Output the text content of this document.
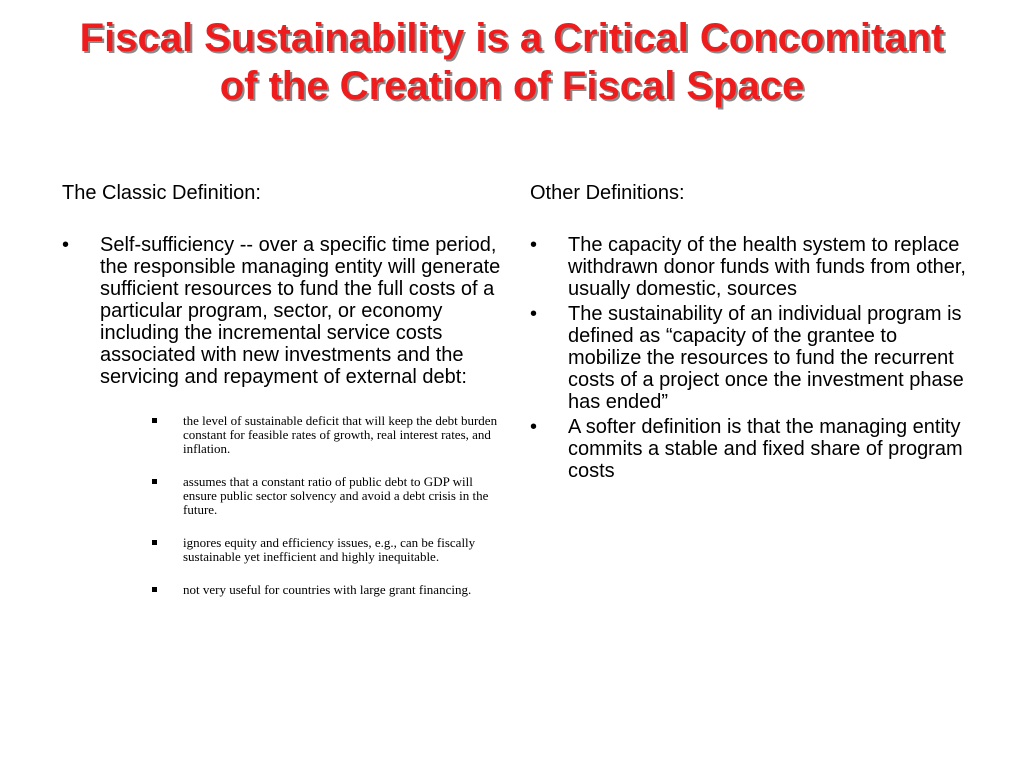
Fiscal Sustainability is a Critical Concomitant
of the Creation of Fiscal Space
The Classic Definition:
• Self-sufficiency -- over a specific time period, the responsible managing entity will generate sufficient resources to fund the full costs of a particular program, sector, or economy including the incremental service costs associated with new investments and the servicing and repayment of external debt:
the level of sustainable deficit that will keep the debt burden constant for feasible rates of growth, real interest rates, and inflation.
assumes that a constant ratio of public debt to GDP will ensure public sector solvency and avoid a debt crisis in the future.
ignores equity and efficiency issues, e.g., can be fiscally sustainable yet inefficient and highly inequitable.
not very useful for countries with large grant financing.
Other Definitions:
• The capacity of the health system to replace withdrawn donor funds with funds from other, usually domestic, sources
• The sustainability of an individual program is defined as “capacity of the grantee to mobilize the resources to fund the recurrent costs of a project once the investment phase has ended”
• A softer definition is that the managing entity commits a stable and fixed share of program costs
